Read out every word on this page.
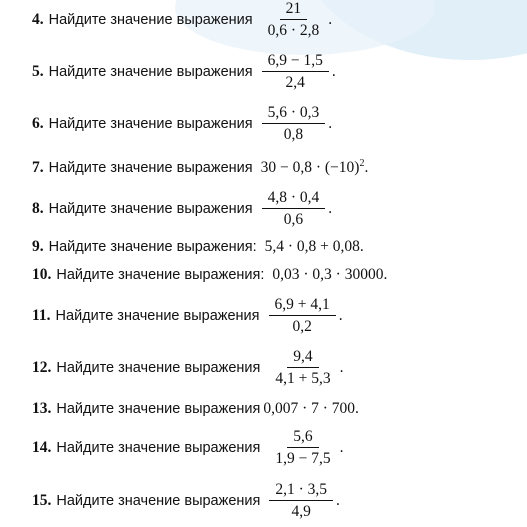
4. Найдите значение выражения $\frac{21}{0,6 \cdot 2,8}$ .
5. Найдите значение выражения $\frac{6,9 - 1,5}{2,4}$ .
6. Найдите значение выражения $\frac{5,6 \cdot 0,3}{0,8}$ .
7. Найдите значение выражения $30 - 0,8 \cdot (-10)^2$.
8. Найдите значение выражения $\frac{4,8 \cdot 0,4}{0,6}$ .
9. Найдите значение выражения: 5,4 · 0,8 + 0,08.
10. Найдите значение выражения: 0,03 · 0,3 · 30000.
11. Найдите значение выражения $\frac{6,9 + 4,1}{0,2}$ .
12. Найдите значение выражения $\frac{9,4}{4,1 + 5,3}$ .
13. Найдите значение выражения 0,007 · 7 · 700.
14. Найдите значение выражения $\frac{5,6}{1,9 - 7,5}$ .
15. Найдите значение выражения $\frac{2,1 \cdot 3,5}{4,9}$ .
